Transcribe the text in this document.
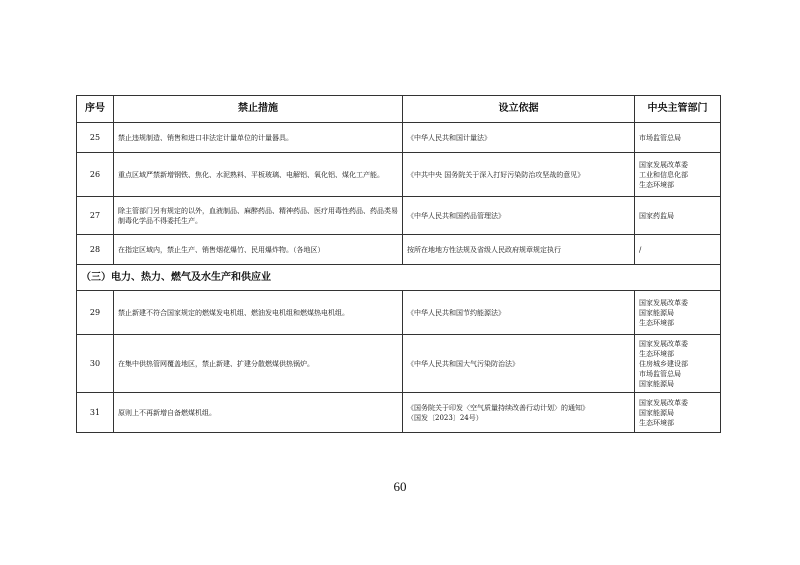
序号	禁止措施	设立依据	中央主管部门
25	禁止违规制造、销售和进口非法定计量单位的计量器具。	《中华人民共和国计量法》	市场监管总局

26	重点区域严禁新增钢铁、焦化、水泥熟料、平板玻璃、电解铝、氧化铝、煤化工产能。	《中共中央 国务院关于深入打好污染防治攻坚战的意见》	国家发展改革委
工业和信息化部
生态环境部

27	除主管部门另有规定的以外，血液制品、麻醉药品、精神药品、医疗用毒性药品、药品类易制毒化学品不得委托生产。	《中华人民共和国药品管理法》	国家药监局

28	在指定区域内，禁止生产、销售烟花爆竹、民用爆炸物。（各地区）	按所在地地方性法规及省级人民政府规章规定执行	/

（三）电力、热力、燃气及水生产和供应业			
29	禁止新建不符合国家规定的燃煤发电机组、燃油发电机组和燃煤热电机组。	《中华人民共和国节约能源法》	国家发展改革委
国家能源局
生态环境部

30	在集中供热管网覆盖地区，禁止新建、扩建分散燃煤供热锅炉。	《中华人民共和国大气污染防治法》	国家发展改革委
生态环境部
住房城乡建设部
市场监管总局
国家能源局

31	原则上不再新增自备燃煤机组。	《国务院关于印发〈空气质量持续改善行动计划〉的通知》
（国发〔2023〕24号）	国家发展改革委
国家能源局
生态环境部
60
